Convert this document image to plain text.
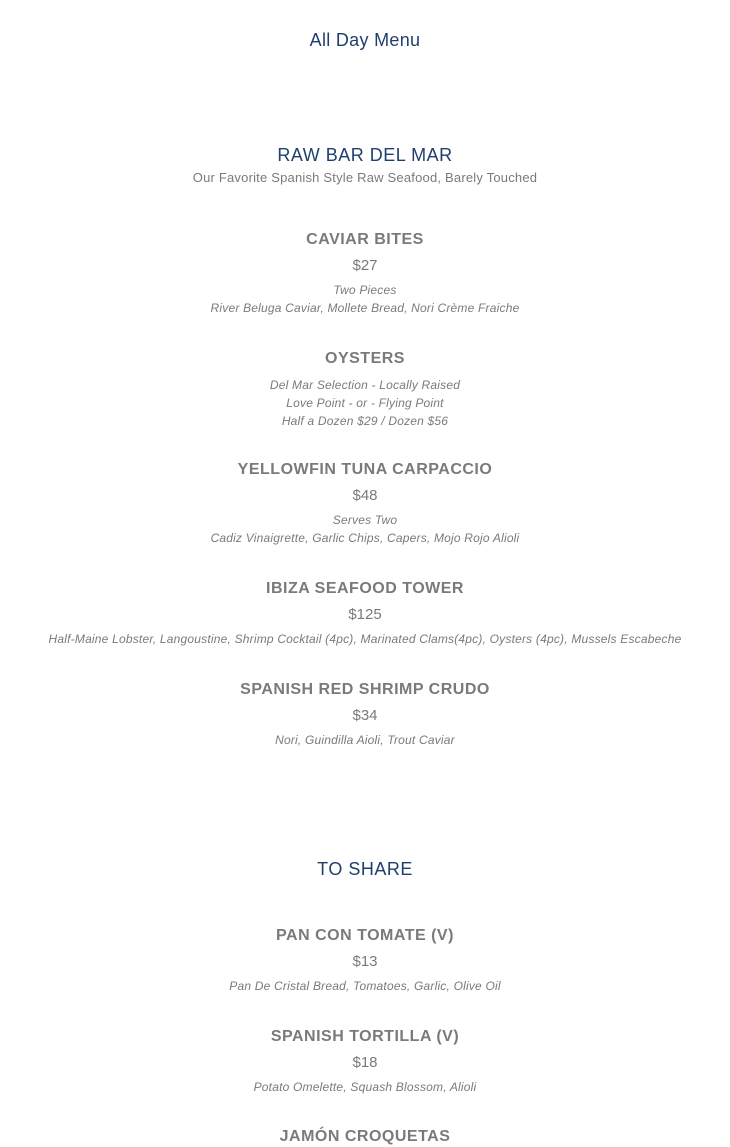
All Day Menu
RAW BAR DEL MAR
Our Favorite Spanish Style Raw Seafood, Barely Touched
CAVIAR BITES
$27
Two Pieces
River Beluga Caviar, Mollete Bread, Nori Crème Fraiche
OYSTERS
Del Mar Selection - Locally Raised
Love Point - or - Flying Point
Half a Dozen $29 / Dozen $56
YELLOWFIN TUNA CARPACCIO
$48
Serves Two
Cadiz Vinaigrette, Garlic Chips, Capers, Mojo Rojo Alioli
IBIZA SEAFOOD TOWER
$125
Half-Maine Lobster, Langoustine, Shrimp Cocktail (4pc), Marinated Clams(4pc), Oysters (4pc), Mussels Escabeche
SPANISH RED SHRIMP CRUDO
$34
Nori, Guindilla Aioli, Trout Caviar
TO SHARE
PAN CON TOMATE (V)
$13
Pan De Cristal Bread, Tomatoes, Garlic, Olive Oil
SPANISH TORTILLA (V)
$18
Potato Omelette, Squash Blossom, Alioli
JAMÓN CROQUETAS
